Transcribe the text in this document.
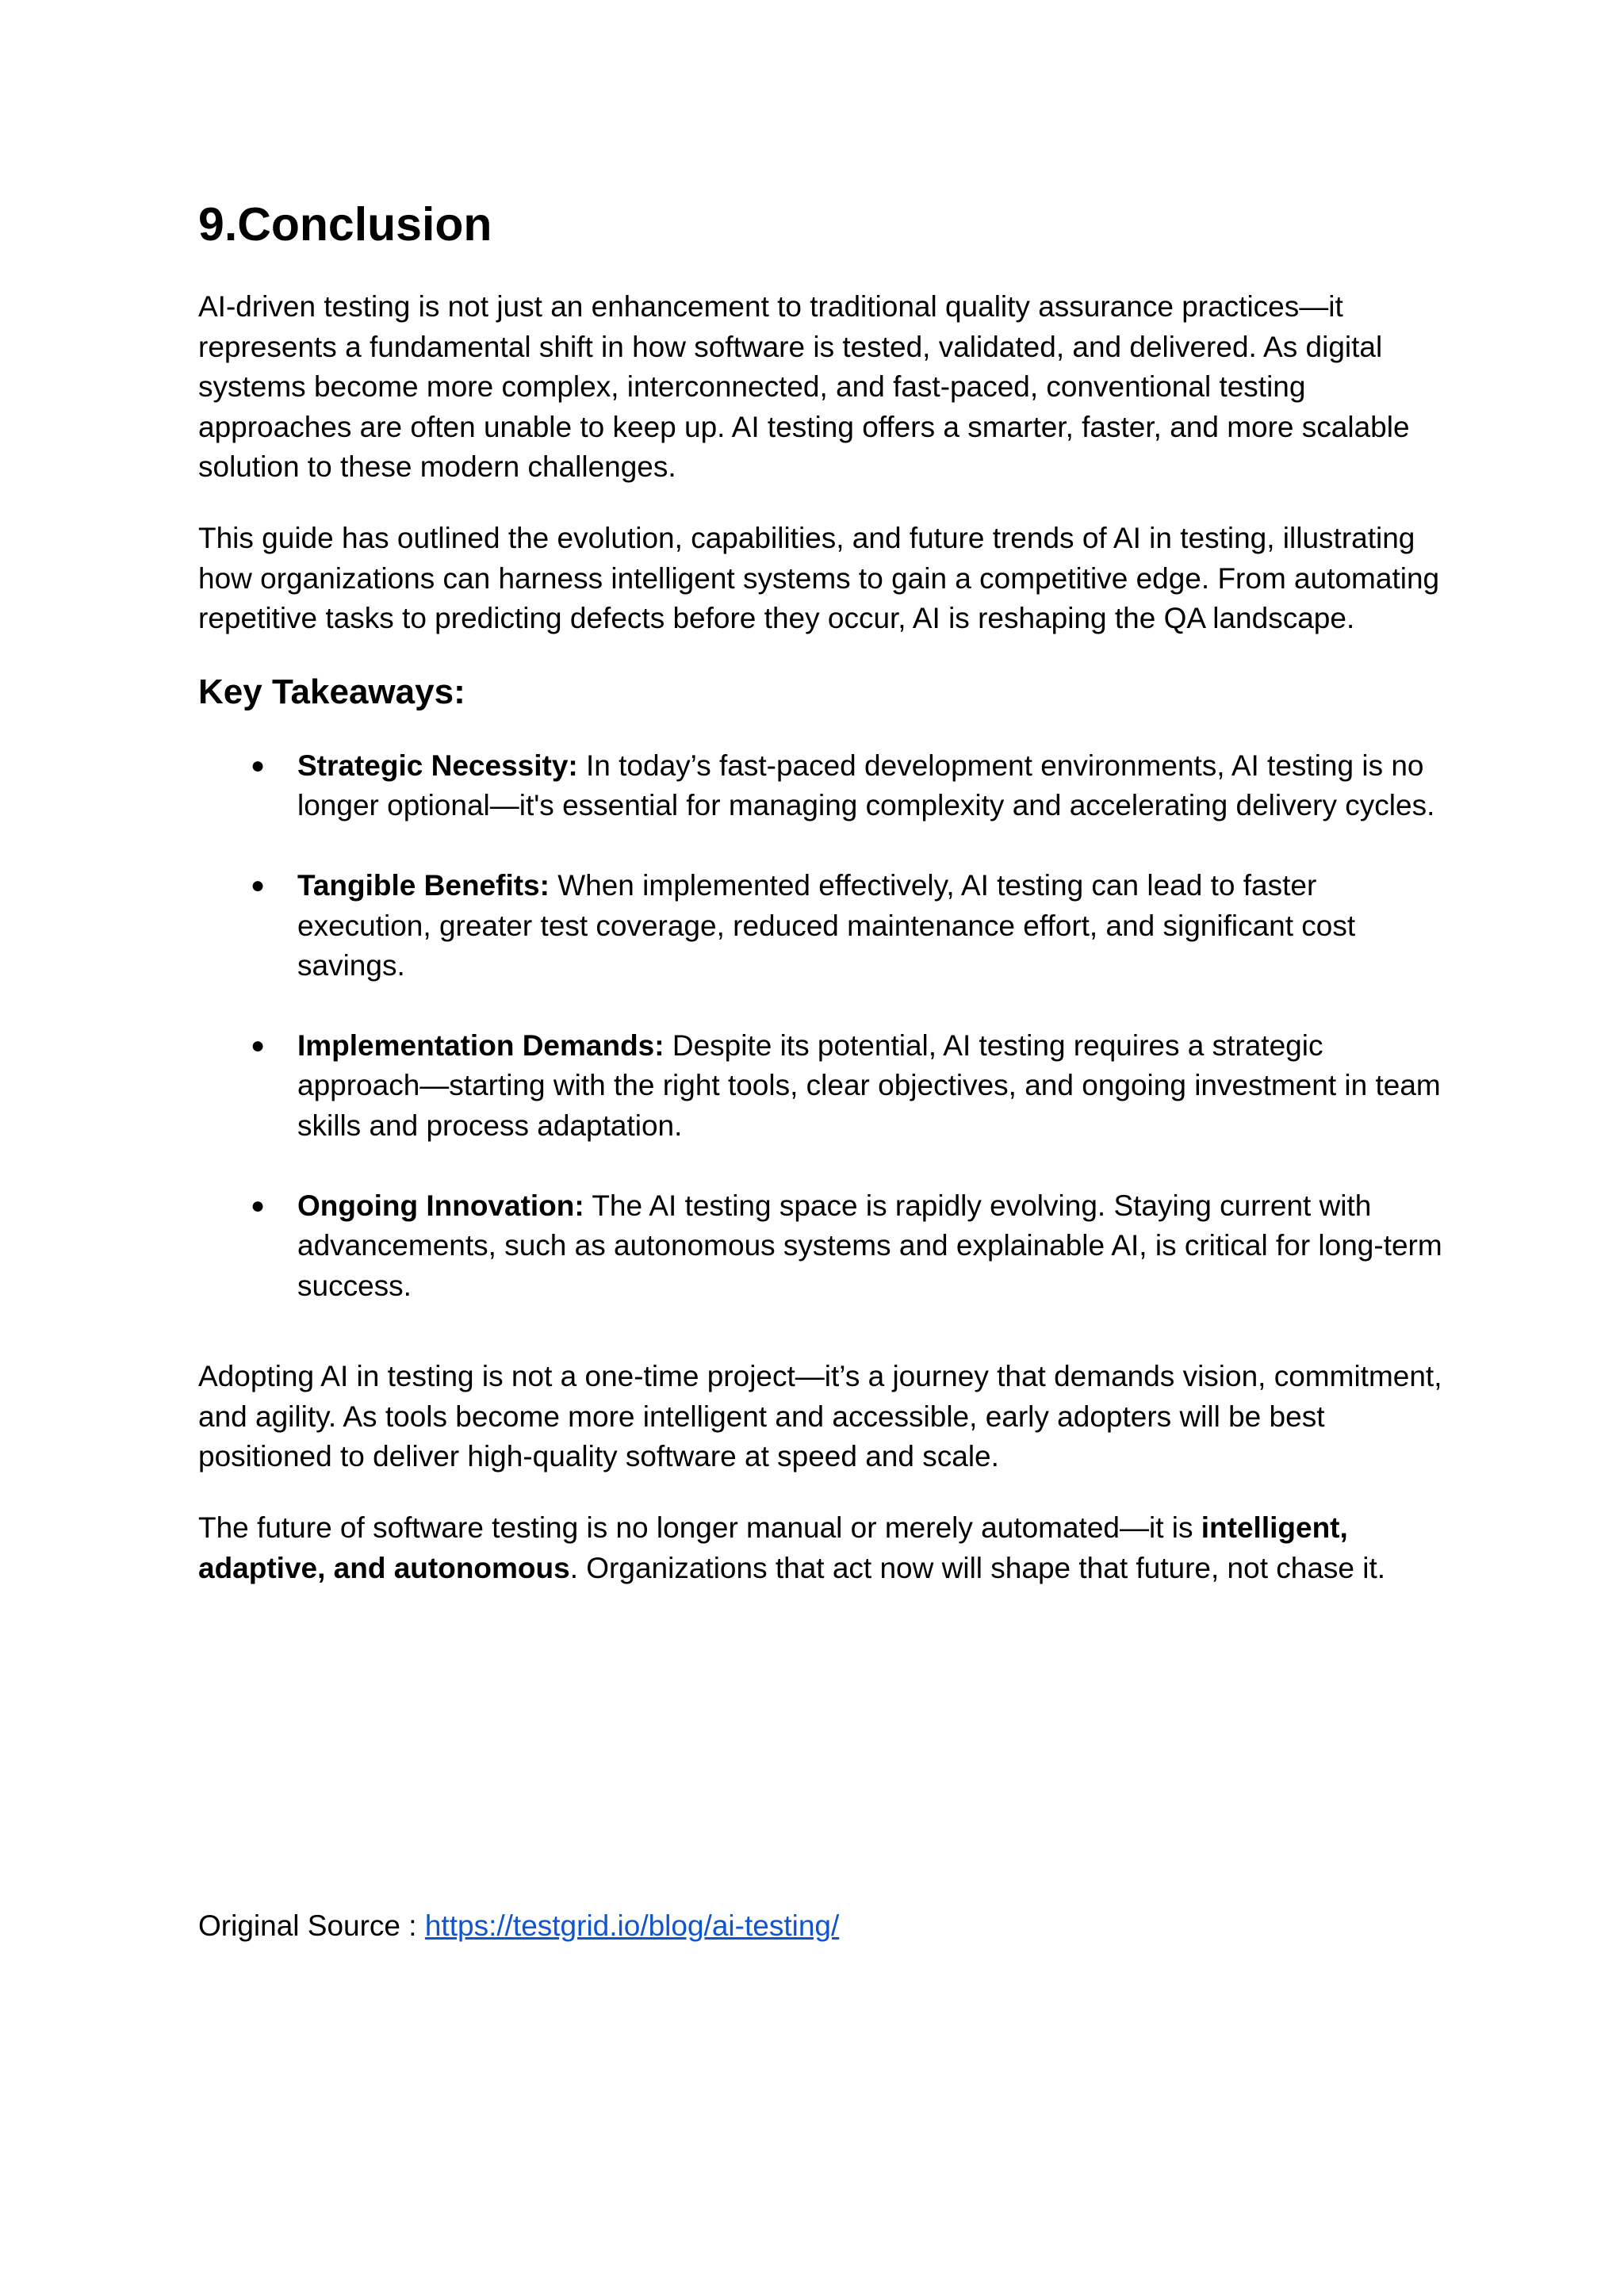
9.Conclusion

AI-driven testing is not just an enhancement to traditional quality assurance practices—it represents a fundamental shift in how software is tested, validated, and delivered. As digital systems become more complex, interconnected, and fast-paced, conventional testing approaches are often unable to keep up. AI testing offers a smarter, faster, and more scalable solution to these modern challenges.

This guide has outlined the evolution, capabilities, and future trends of AI in testing, illustrating how organizations can harness intelligent systems to gain a competitive edge. From automating repetitive tasks to predicting defects before they occur, AI is reshaping the QA landscape.

Key Takeaways:
● Strategic Necessity: In today’s fast-paced development environments, AI testing is no longer optional—it's essential for managing complexity and accelerating delivery cycles.
● Tangible Benefits: When implemented effectively, AI testing can lead to faster execution, greater test coverage, reduced maintenance effort, and significant cost savings.
● Implementation Demands: Despite its potential, AI testing requires a strategic approach—starting with the right tools, clear objectives, and ongoing investment in team skills and process adaptation.
● Ongoing Innovation: The AI testing space is rapidly evolving. Staying current with advancements, such as autonomous systems and explainable AI, is critical for long-term success.

Adopting AI in testing is not a one-time project—it’s a journey that demands vision, commitment, and agility. As tools become more intelligent and accessible, early adopters will be best positioned to deliver high-quality software at speed and scale.

The future of software testing is no longer manual or merely automated—it is intelligent, adaptive, and autonomous. Organizations that act now will shape that future, not chase it.

Original Source : https://testgrid.io/blog/ai-testing/
